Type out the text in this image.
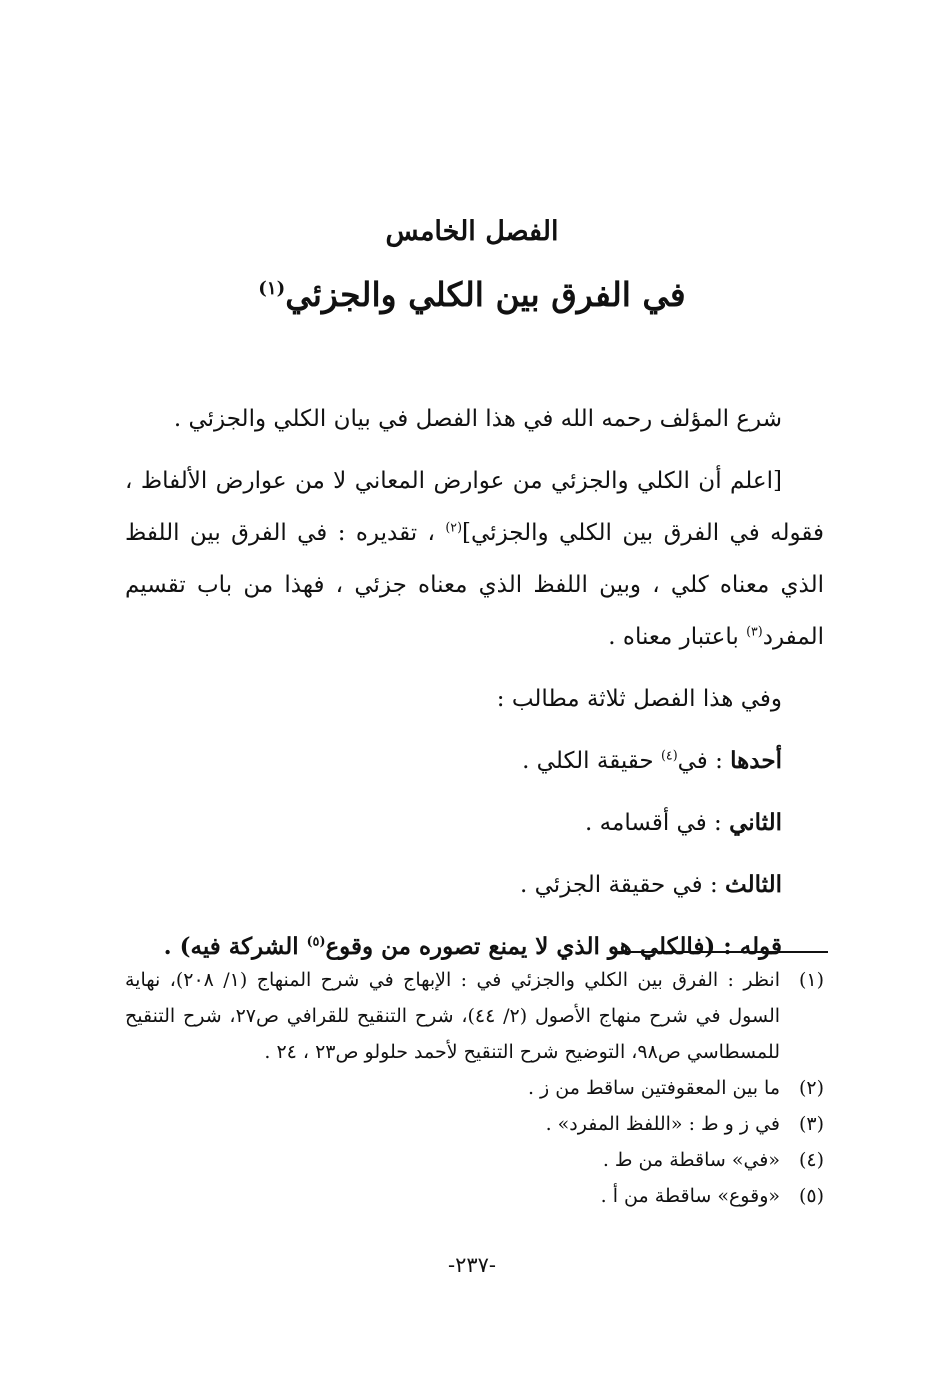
الفصل الخامس
في الفرق بين الكلي والجزئي$^{(١)}$

شرع المؤلف رحمه الله في هذا الفصل في بيان الكلي والجزئي .

[اعلم أن الكلي والجزئي من عوارض المعاني لا من عوارض الألفاظ ، فقوله في الفرق بين الكلي والجزئي]$^{(٢)}$ ، تقديره : في الفرق بين اللفظ الذي معناه كلي ، وبين اللفظ الذي معناه جزئي ، فهذا من باب تقسيم المفرد$^{(٣)}$ باعتبار معناه .

وفي هذا الفصل ثلاثة مطالب :

أحدها : في$^{(٤)}$ حقيقة الكلي .

الثاني : في أقسامه .

الثالث : في حقيقة الجزئي .

قوله : (فالكلي هو الذي لا يمنع تصوره من وقوع$^{(٥)}$ الشركة فيه) .

(١)
انظر : الفرق بين الكلي والجزئي في : الإبهاج في شرح المنهاج (١/ ٢٠٨)، نهاية السول في شرح منهاج الأصول (٢/ ٤٤)، شرح التنقيح للقرافي ص٢٧، شرح التنقيح للمسطاسي ص٩٨، التوضيح شرح التنقيح لأحمد حلولو ص٢٣ ، ٢٤ .
(٢)
ما بين المعقوفتين ساقط من ز .
(٣)
في ز و ط : «اللفظ المفرد» .
(٤)
«في» ساقطة من ط .
(٥)
«وقوع» ساقطة من أ .
-٢٣٧-
